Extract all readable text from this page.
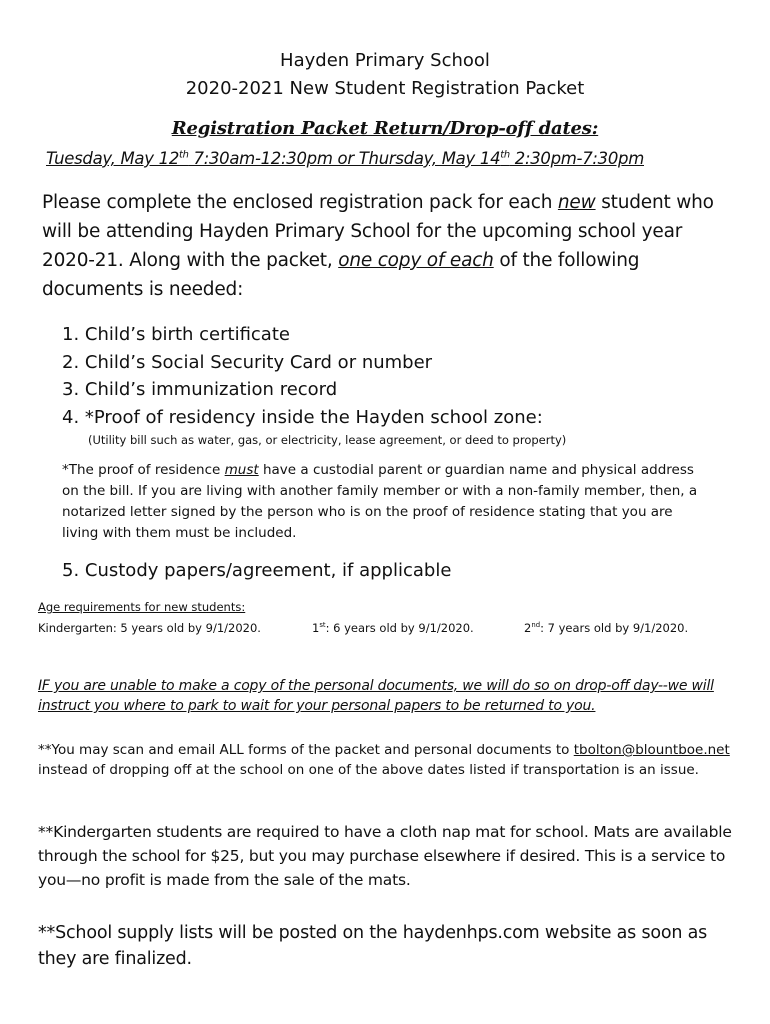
Hayden Primary School
2020-2021 New Student Registration Packet
Registration Packet Return/Drop-off dates:
Tuesday, May 12th 7:30am-12:30pm or Thursday, May 14th 2:30pm-7:30pm

Please complete the enclosed registration pack for each new student who will be attending Hayden Primary School for the upcoming school year 2020-21. Along with the packet, one copy of each of the following documents is needed:

1. Child’s birth certificate
2. Child’s Social Security Card or number
3. Child’s immunization record
4. *Proof of residency inside the Hayden school zone:
(Utility bill such as water, gas, or electricity, lease agreement, or deed to property)
*The proof of residence must have a custodial parent or guardian name and physical address on the bill. If you are living with another family member or with a non-family member, then, a notarized letter signed by the person who is on the proof of residence stating that you are living with them must be included.
5. Custody papers/agreement, if applicable
Age requirements for new students:
Kindergarten: 5 years old by 9/1/2020.	1st: 6 years old by 9/1/2020.	2nd: 7 years old by 9/1/2020.
IF you are unable to make a copy of the personal documents, we will do so on drop-off day--we will instruct you where to park to wait for your personal papers to be returned to you.
**You may scan and email ALL forms of the packet and personal documents to tbolton@blountboe.net instead of dropping off at the school on one of the above dates listed if transportation is an issue.
**Kindergarten students are required to have a cloth nap mat for school. Mats are available through the school for $25, but you may purchase elsewhere if desired. This is a service to you—no profit is made from the sale of the mats.
**School supply lists will be posted on the haydenhps.com website as soon as they are finalized.
